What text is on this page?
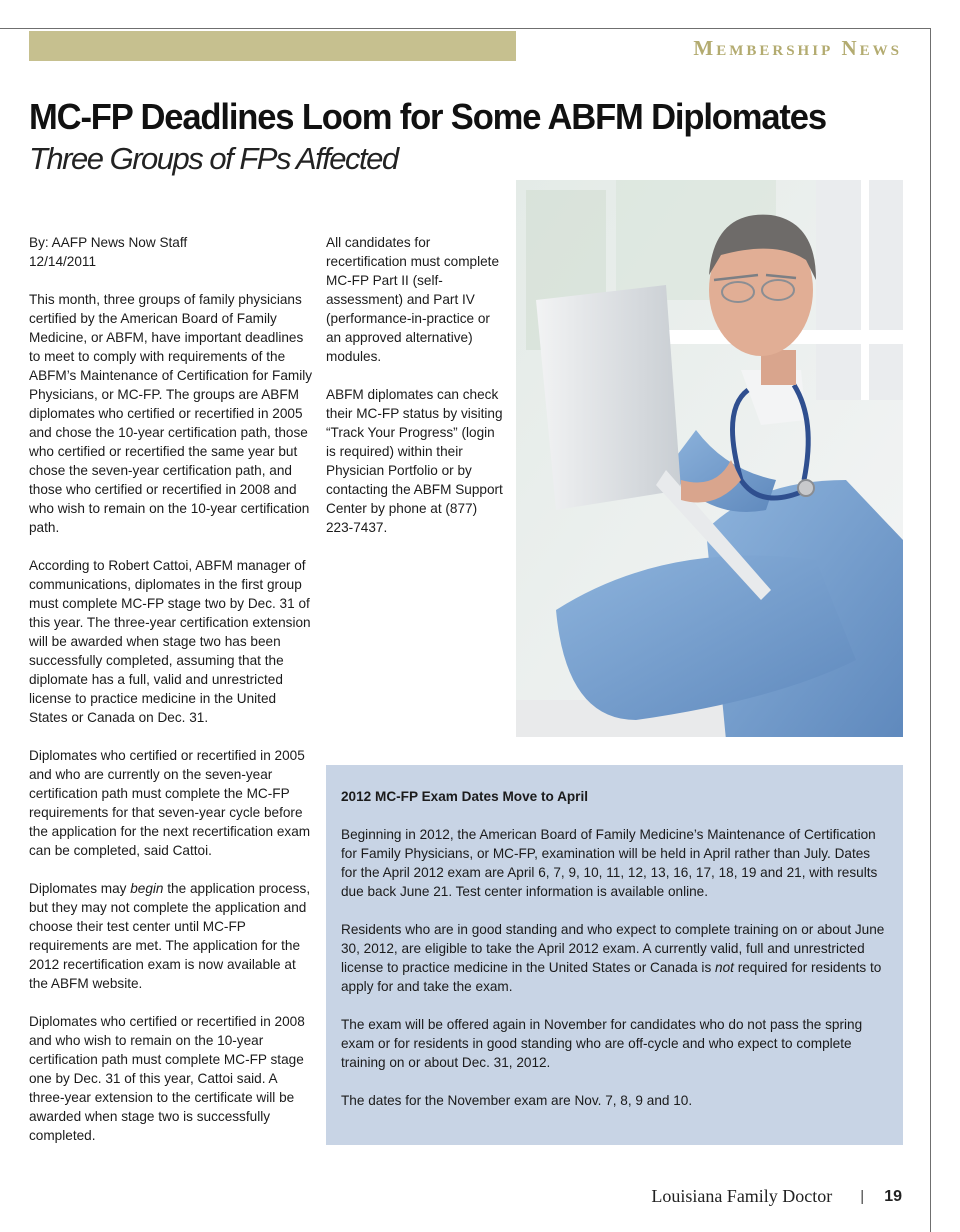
Membership News
MC-FP Deadlines Loom for Some ABFM Diplomates
Three Groups of FPs Affected

By: AAFP News Now Staff
12/14/2011

This month, three groups of family physicians certified by the American Board of Family Medicine, or ABFM, have important deadlines to meet to comply with requirements of the ABFM’s Maintenance of Certification for Family Physicians, or MC-FP. The groups are ABFM diplomates who certified or recertified in 2005 and chose the 10-year certification path, those who certified or recertified the same year but chose the seven-year certification path, and those who certified or recertified in 2008 and who wish to remain on the 10-year certification path.

According to Robert Cattoi, ABFM manager of communications, diplomates in the first group must complete MC-FP stage two by Dec. 31 of this year. The three-year certification extension will be awarded when stage two has been successfully completed, assuming that the diplomate has a full, valid and unrestricted license to practice medicine in the United States or Canada on Dec. 31.

Diplomates who certified or recertified in 2005 and who are currently on the seven-year certification path must complete the MC-FP requirements for that seven-year cycle before the application for the next recertification exam can be completed, said Cattoi.

Diplomates may begin the application process, but they may not complete the application and choose their test center until MC-FP requirements are met. The application for the 2012 recertification exam is now available at the ABFM website.

Diplomates who certified or recertified in 2008 and who wish to remain on the 10-year certification path must complete MC-FP stage one by Dec. 31 of this year, Cattoi said. A three-year extension to the certificate will be awarded when stage two is successfully completed.

All candidates for recertification must complete MC-FP Part II (self-assessment) and Part IV (performance-in-practice or an approved alternative) modules.

ABFM diplomates can check their MC-FP status by visiting “Track Your Progress” (login is required) within their Physician Portfolio or by contacting the ABFM Support Center by phone at (877) 223-7437.

2012 MC-FP Exam Dates Move to April

Beginning in 2012, the American Board of Family Medicine’s Maintenance of Certification for Family Physicians, or MC-FP, examination will be held in April rather than July. Dates for the April 2012 exam are April 6, 7, 9, 10, 11, 12, 13, 16, 17, 18, 19 and 21, with results due back June 21. Test center information is available online.

Residents who are in good standing and who expect to complete training on or about June 30, 2012, are eligible to take the April 2012 exam. A currently valid, full and unrestricted license to practice medicine in the United States or Canada is not required for residents to apply for and take the exam.

The exam will be offered again in November for candidates who do not pass the spring exam or for residents in good standing who are off-cycle and who expect to complete training on or about Dec. 31, 2012.

The dates for the November exam are Nov. 7, 8, 9 and 10.

Louisiana Family Doctor | 19
